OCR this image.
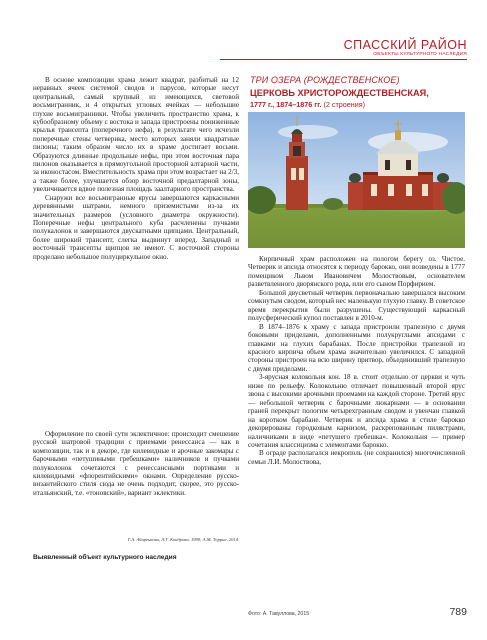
СПАССКИЙ РАЙОН
ОБЪЕКТЫ КУЛЬТУРНОГО НАСЛЕДИЯ

В основе композиции храма лежит квадрат, разбитый на 12 неравных ячеек системой сводов и парусов, которые несут центральный, самый крупный из имеющихся, световой восьмигранник, и 4 открытых угловых ячейках — небольшие глухие восьмигранники. Чтобы увеличить пространство храма, к кубообразному объему с востока и запада пристроены пониженные крылья трансепта (поперечного нефа), в результате чего исчезли поперечные стены четверика, место которых заняли квадратные пилоны; таким образом число их в храме достигает восьми. Образуются длинные продольные нефы, при этом восточная пара пилонов оказывается в прямоугольной просторной алтарной части, за иконостасом. Вместительность храма при этом возрастает на 2/3, а также более, улучшается обзор восточной предалтарной зоны, увеличивается вдвое полезная площадь заалтарного пространства.

Снаружи все восьмигранные ярусы завершаются каркасными деревянными шатрами, немного приземистыми из-за их значительных размеров (условного диаметра окружности). Поперечные нефы центрального куба расчленены пучками полукалонок и завершаются двускатными щипцами. Центральный, более широкий трансепт, слегка выдвинут вперед. Западный и восточный трансепты щипцов не имеют. С восточной стороны проделано небольшое полуциркульное окно.

Оформление по своей сути эклектичное: происходит смешение русской шатровой традиции с приемами ренессанса — как в композиции, так и в декоре, где килевидные и арочные закомары с барочными «петушиными гребешками» наличников и пучками полуколонок сочетаются с ренессансными портиками и килевидными «флорентийскими» окнами. Определение русско-византийского стиля сюда не очень подходит, скорее, это русско-итальянский, т.е. «тоновский», вариант эклектики.

Г.А. Абаренкова, Л.Г. Кондрова, 1999; А.М. Торрие, 2014
Выявленный объект культурного наследия
ТРИ ОЗЕРА (РОЖДЕСТВЕНСКОЕ)
ЦЕРКОВЬ ХРИСТОРОЖДЕСТВЕНСКАЯ,
1777 г., 1874–1876 гг. (2 строения)

Кирпичный храм расположен на пологом берегу оз. Чистое. Четверик и апсида относятся к периоду барокко, они возведены в 1777 помещиком Львом Ивановичем Молоствовым, основателем разветвленного дворянского рода, или его сыном Порфирием.

Большой двусветный четверик первоначально завершался высоким сомкнутым сводом, который нес маленькую глухую главку. В советское время перекрытия были разрушены. Существующий каркасный полусферический купол поставлен в 2010-м.

В 1874–1876 к храму с запада пристроили трапезную с двумя боковыми приделами, дополненными полукруглыми апсидами с главками на глухих барабанах. После пристройки трапезной из красного кирпича объем храма значительно увеличился. С западной стороны пристроен на всю ширину притвор, объединивший трапезную с двумя приделами.

3-ярусная колокольня кон. 18 в. стоит отдельно от церкви и чуть ниже по рельефу. Колокольню отличает повышенный второй ярус звона с высокими арочными проемами на каждой стороне. Третий ярус — небольшой четверик с барочными люкарнами — в основании граней перекрыт пологим четырехгранным сводом и увенчан главкой на коротком барабане. Четверик и апсида храма в стиле барокко декорированы городковым карнизом, раскрепованным пилястрами, наличниками в виде «петушего гребешка». Колокольня — пример сочетания классицизма с элементами барокко.

В ограде располагался некрополь (не сохранился) многочисленной семьи Л.И. Молоствова,

Фото: А. Тавуллова, 2015	789
